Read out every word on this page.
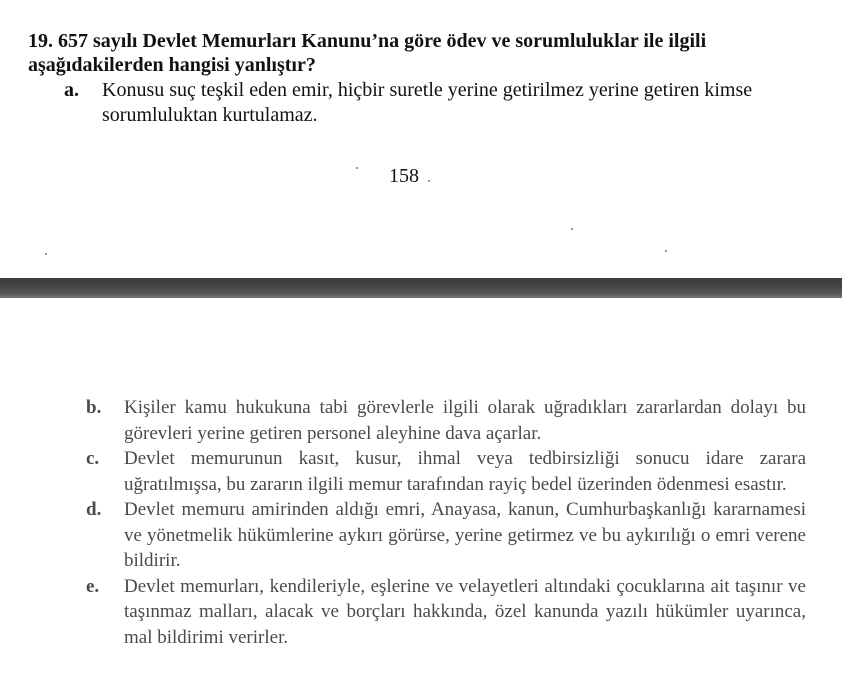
19. 657 sayılı Devlet Memurları Kanunu’na göre ödev ve sorumluluklar ile ilgili aşağıdakilerden hangisi yanlıştır?
a. Konusu suç teşkil eden emir, hiçbir suretle yerine getirilmez yerine getiren kimse sorumluluktan kurtulamaz.
158
b. Kişiler kamu hukukuna tabi görevlerle ilgili olarak uğradıkları zararlardan dolayı bu görevleri yerine getiren personel aleyhine dava açarlar.
c. Devlet memurunun kasıt, kusur, ihmal veya tedbirsizliği sonucu idare zarara uğratılmışsa, bu zararın ilgili memur tarafından rayiç bedel üzerinden ödenmesi esastır.
d. Devlet memuru amirinden aldığı emri, Anayasa, kanun, Cumhurbaşkanlığı kararnamesi ve yönetmelik hükümlerine aykırı görürse, yerine getirmez ve bu aykırılığı o emri verene bildirir.
e. Devlet memurları, kendileriyle, eşlerine ve velayetleri altındaki çocuklarına ait taşınır ve taşınmaz malları, alacak ve borçları hakkında, özel kanunda yazılı hükümler uyarınca, mal bildirimi verirler.
